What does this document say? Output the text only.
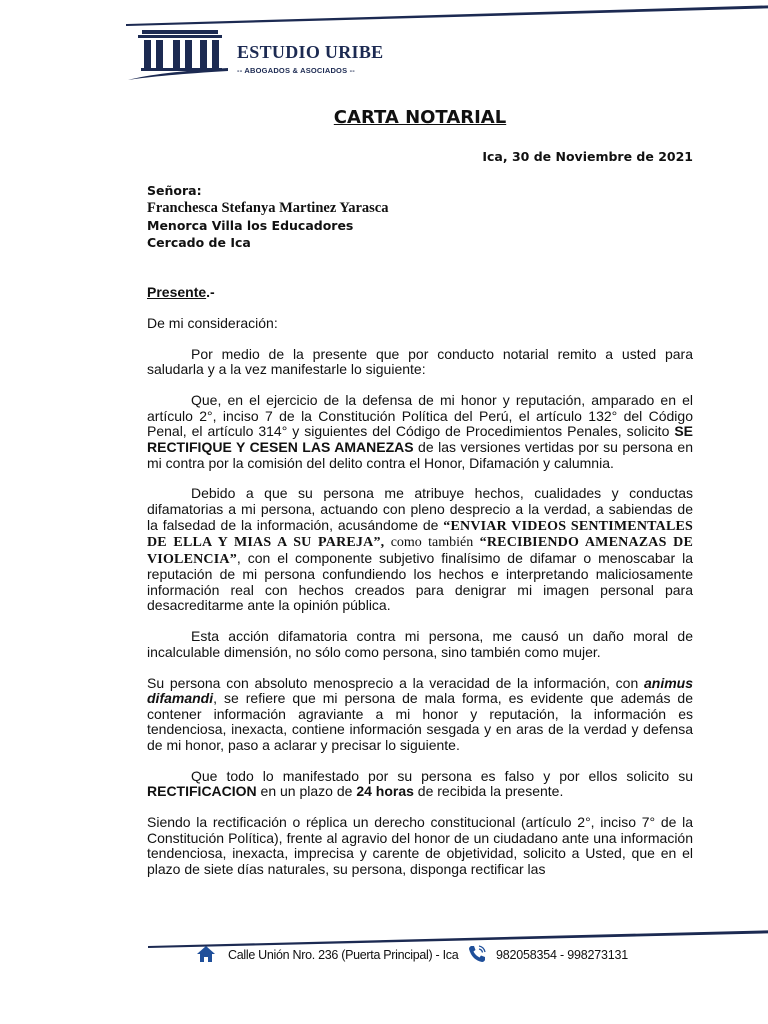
ESTUDIO URIBE
-- ABOGADOS & ASOCIADOS --
CARTA NOTARIAL
Ica, 30 de Noviembre de 2021
Señora:
Franchesca Stefanya Martinez Yarasca
Menorca Villa los Educadores
Cercado de Ica
Presente.-

De mi consideración:

Por medio de la presente que por conducto notarial remito a usted para saludarla y a la vez manifestarle lo siguiente:

Que, en el ejercicio de la defensa de mi honor y reputación, amparado en el artículo 2°, inciso 7 de la Constitución Política del Perú, el artículo 132° del Código Penal, el artículo 314° y siguientes del Código de Procedimientos Penales, solicito SE RECTIFIQUE Y CESEN LAS AMANEZAS de las versiones vertidas por su persona en mi contra por la comisión del delito contra el Honor, Difamación y calumnia.

Debido a que su persona me atribuye hechos, cualidades y conductas difamatorias a mi persona, actuando con pleno desprecio a la verdad, a sabiendas de la falsedad de la información, acusándome de “ENVIAR VIDEOS SENTIMENTALES DE ELLA Y MIAS A SU PAREJA”, como también “RECIBIENDO AMENAZAS DE VIOLENCIA”, con el componente subjetivo finalísimo de difamar o menoscabar la reputación de mi persona confundiendo los hechos e interpretando maliciosamente información real con hechos creados para denigrar mi imagen personal para desacreditarme ante la opinión pública.

Esta acción difamatoria contra mi persona, me causó un daño moral de incalculable dimensión, no sólo como persona, sino también como mujer.

Su persona con absoluto menosprecio a la veracidad de la información, con animus difamandi, se refiere que mi persona de mala forma, es evidente que además de contener información agraviante a mi honor y reputación, la información es tendenciosa, inexacta, contiene información sesgada y en aras de la verdad y defensa de mi honor, paso a aclarar y precisar lo siguiente.

Que todo lo manifestado por su persona es falso y por ellos solicito su RECTIFICACION en un plazo de 24 horas de recibida la presente.

Siendo la rectificación o réplica un derecho constitucional (artículo 2°, inciso 7° de la Constitución Política), frente al agravio del honor de un ciudadano ante una información tendenciosa, inexacta, imprecisa y carente de objetividad, solicito a Usted, que en el plazo de siete días naturales, su persona, disponga rectificar las

Calle Unión Nro. 236 (Puerta Principal) - Ica	982058354 - 998273131
